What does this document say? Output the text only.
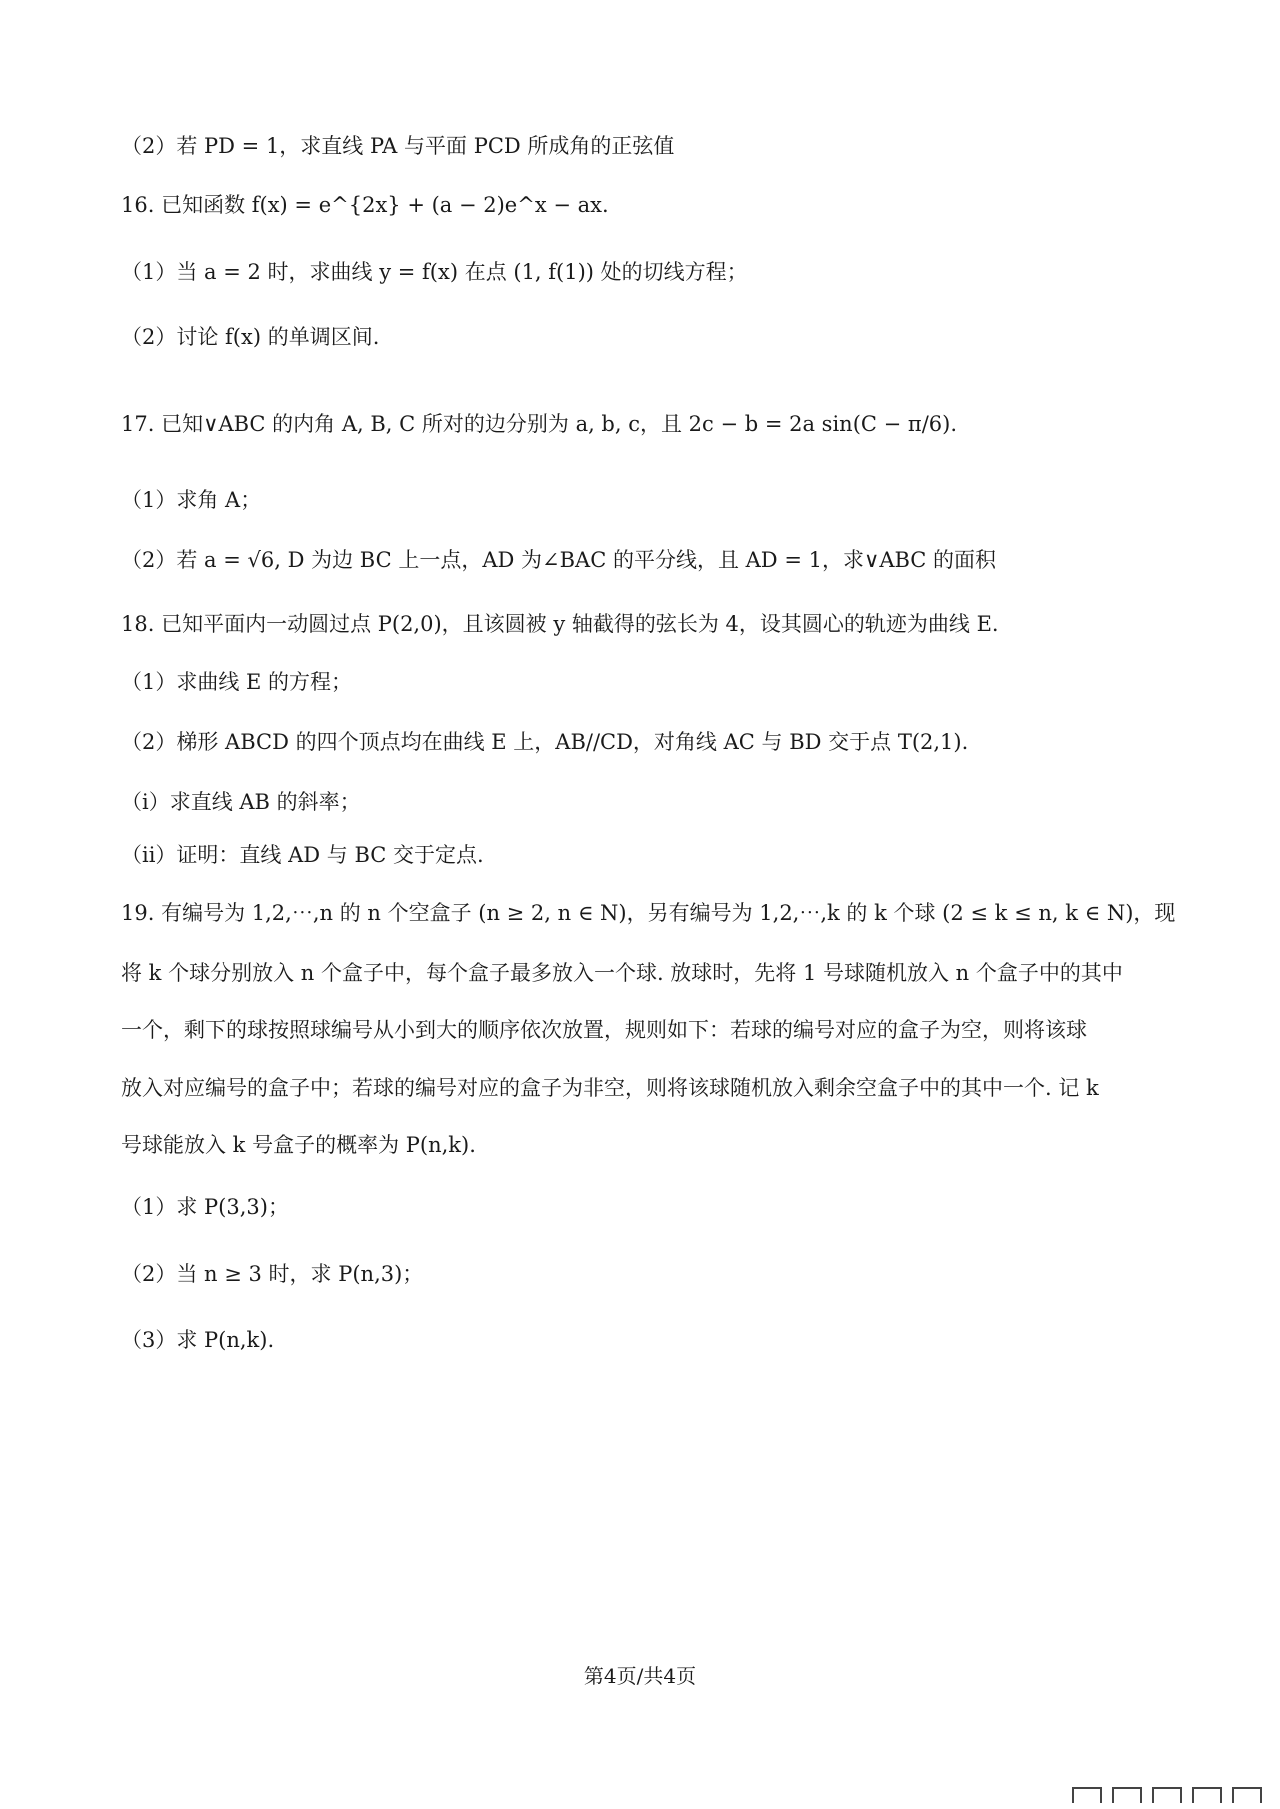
（2）若 PD = 1，求直线 PA 与平面 PCD 所成角的正弦值
16. 已知函数 f(x) = e^{2x} + (a − 2)e^x − ax.
（1）当 a = 2 时，求曲线 y = f(x) 在点 (1, f(1)) 处的切线方程；
（2）讨论 f(x) 的单调区间.
17. 已知∨ABC 的内角 A, B, C 所对的边分别为 a, b, c，且 2c − b = 2a sin(C − π/6).
（1）求角 A；
（2）若 a = √6, D 为边 BC 上一点，AD 为∠BAC 的平分线，且 AD = 1，求∨ABC 的面积
18. 已知平面内一动圆过点 P(2,0)，且该圆被 y 轴截得的弦长为 4，设其圆心的轨迹为曲线 E.
（1）求曲线 E 的方程；
（2）梯形 ABCD 的四个顶点均在曲线 E 上，AB//CD，对角线 AC 与 BD 交于点 T(2,1).
（i）求直线 AB 的斜率；
（ii）证明：直线 AD 与 BC 交于定点.
19. 有编号为 1,2,⋯,n 的 n 个空盒子 (n ≥ 2, n ∈ N)，另有编号为 1,2,⋯,k 的 k 个球 (2 ≤ k ≤ n, k ∈ N)，现
将 k 个球分别放入 n 个盒子中，每个盒子最多放入一个球. 放球时，先将 1 号球随机放入 n 个盒子中的其中
一个，剩下的球按照球编号从小到大的顺序依次放置，规则如下：若球的编号对应的盒子为空，则将该球
放入对应编号的盒子中；若球的编号对应的盒子为非空，则将该球随机放入剩余空盒子中的其中一个. 记 k
号球能放入 k 号盒子的概率为 P(n,k).
（1）求 P(3,3)；
（2）当 n ≥ 3 时，求 P(n,3)；
（3）求 P(n,k).
第4页/共4页
